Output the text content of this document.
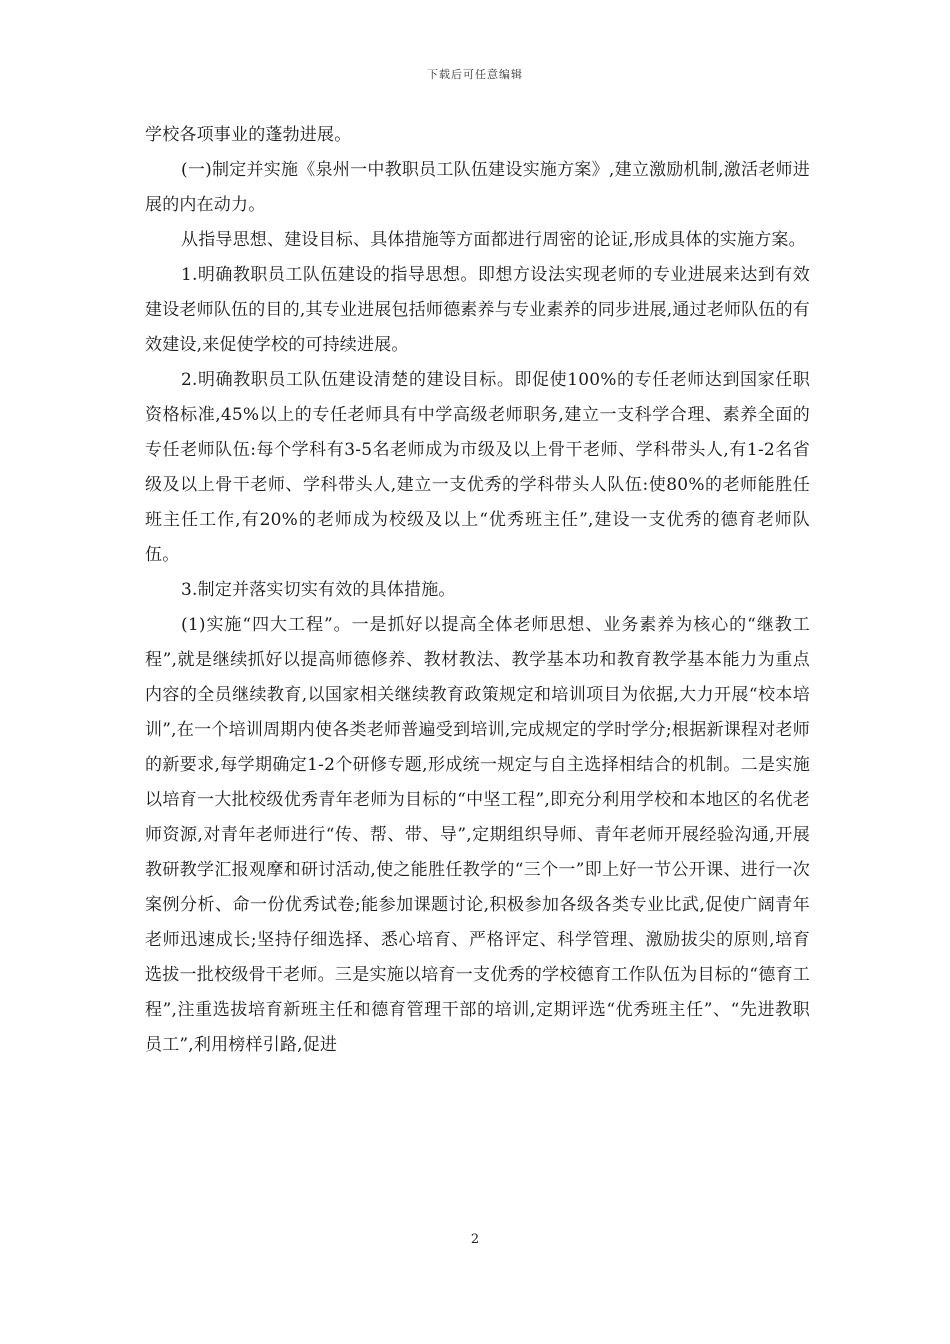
下载后可任意编辑

学校各项事业的蓬勃进展。

(一)制定并实施《泉州一中教职员工队伍建设实施方案》,建立激励机制,激活老师进展的内在动力。

从指导思想、建设目标、具体措施等方面都进行周密的论证,形成具体的实施方案。

1.明确教职员工队伍建设的指导思想。即想方设法实现老师的专业进展来达到有效建设老师队伍的目的,其专业进展包括师德素养与专业素养的同步进展,通过老师队伍的有效建设,来促使学校的可持续进展。

2.明确教职员工队伍建设清楚的建设目标。即促使100%的专任老师达到国家任职资格标准,45%以上的专任老师具有中学高级老师职务,建立一支科学合理、素养全面的专任老师队伍:每个学科有3-5名老师成为市级及以上骨干老师、学科带头人,有1-2名省级及以上骨干老师、学科带头人,建立一支优秀的学科带头人队伍:使80%的老师能胜任班主任工作,有20%的老师成为校级及以上“优秀班主任”,建设一支优秀的德育老师队伍。

3.制定并落实切实有效的具体措施。

(1)实施“四大工程”。一是抓好以提高全体老师思想、业务素养为核心的“继教工程”,就是继续抓好以提高师德修养、教材教法、教学基本功和教育教学基本能力为重点内容的全员继续教育,以国家相关继续教育政策规定和培训项目为依据,大力开展“校本培训”,在一个培训周期内使各类老师普遍受到培训,完成规定的学时学分;根据新课程对老师的新要求,每学期确定1-2个研修专题,形成统一规定与自主选择相结合的机制。二是实施以培育一大批校级优秀青年老师为目标的“中坚工程”,即充分利用学校和本地区的名优老师资源,对青年老师进行“传、帮、带、导”,定期组织导师、青年老师开展经验沟通,开展教研教学汇报观摩和研讨活动,使之能胜任教学的“三个一”即上好一节公开课、进行一次案例分析、命一份优秀试卷;能参加课题讨论,积极参加各级各类专业比武,促使广阔青年老师迅速成长;坚持仔细选择、悉心培育、严格评定、科学管理、激励拔尖的原则,培育选拔一批校级骨干老师。三是实施以培育一支优秀的学校德育工作队伍为目标的“德育工程”,注重选拔培育新班主任和德育管理干部的培训,定期评选“优秀班主任”、“先进教职员工”,利用榜样引路,促进

2
